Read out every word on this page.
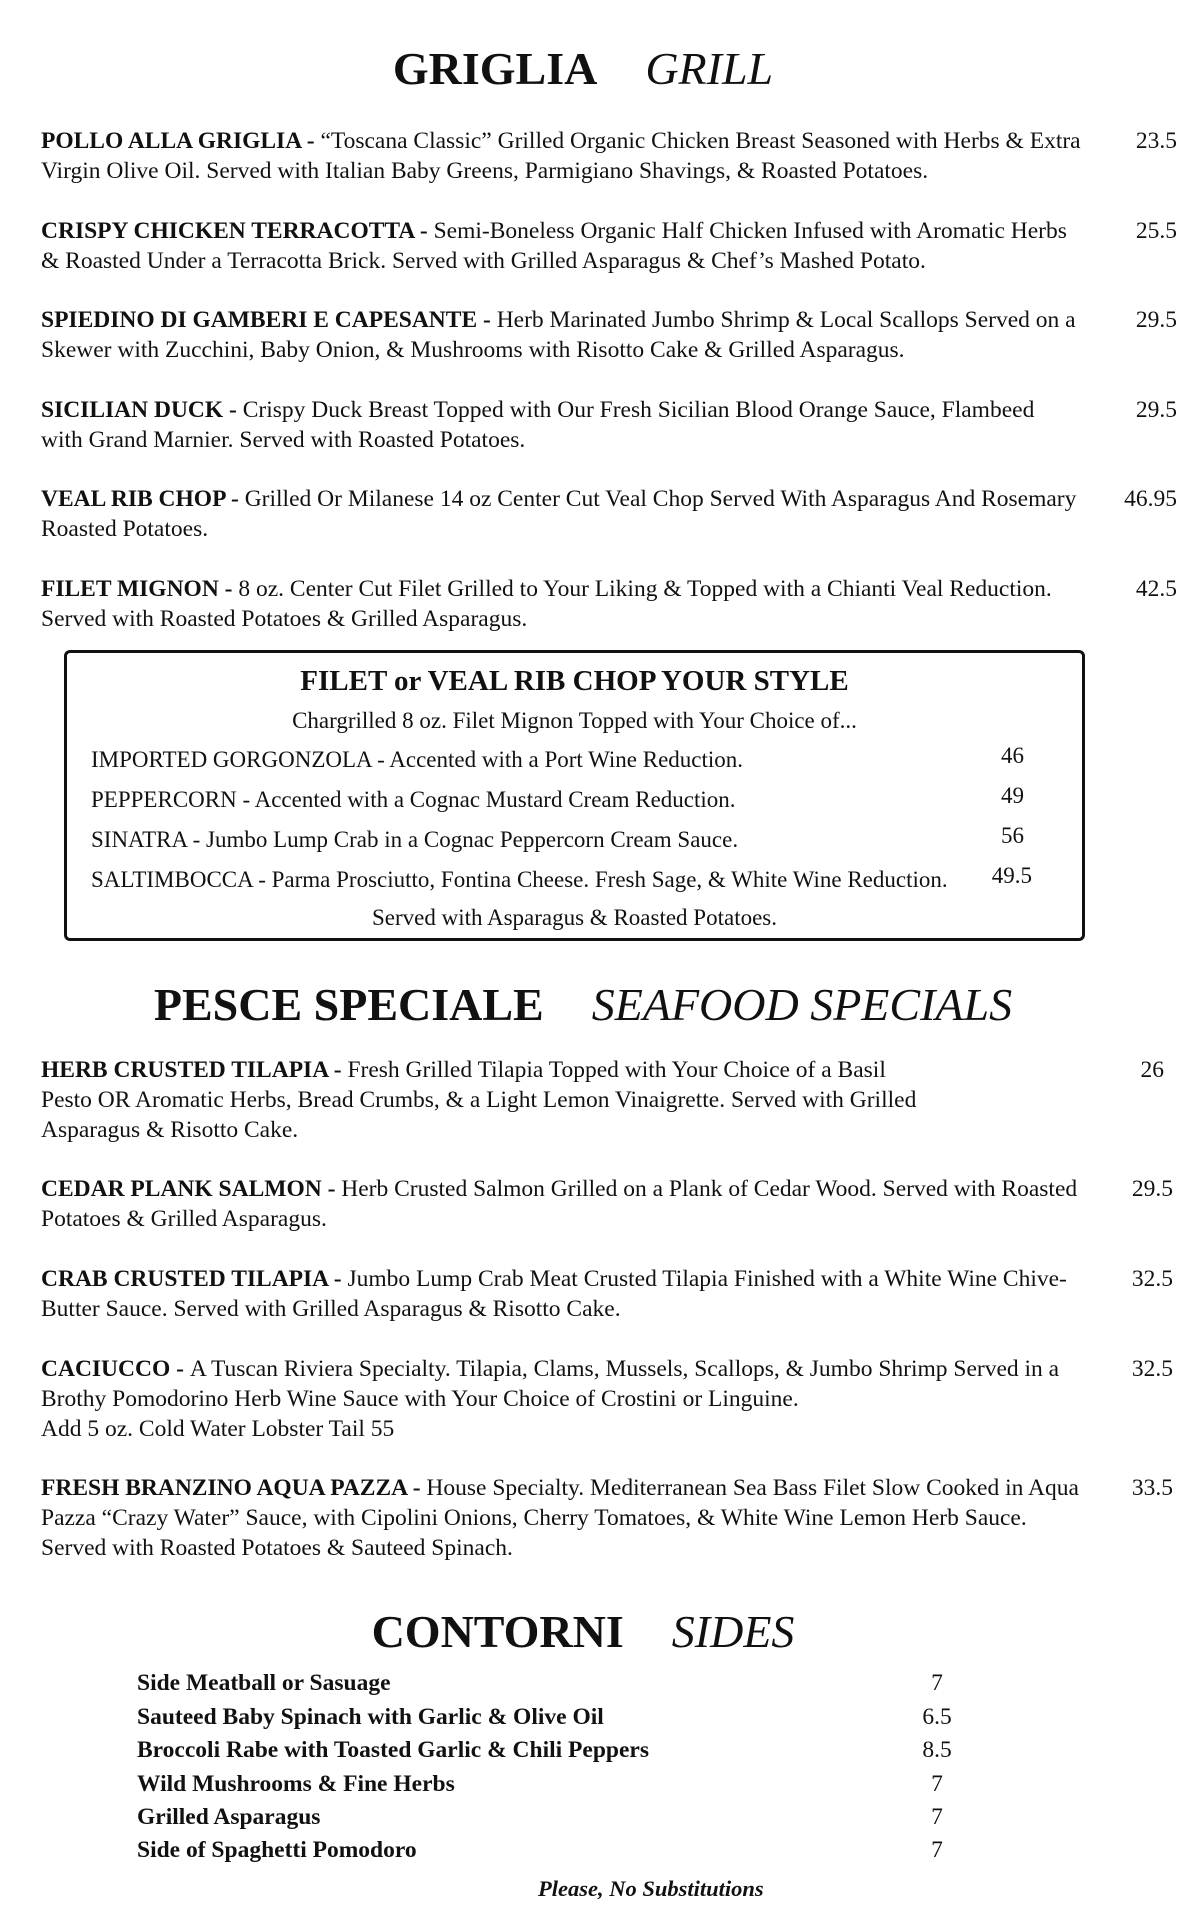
GRIGLIA GRILL
POLLO ALLA GRIGLIA - “Toscana Classic” Grilled Organic Chicken Breast Seasoned with Herbs & Extra Virgin Olive Oil. Served with Italian Baby Greens, Parmigiano Shavings, & Roasted Potatoes.
23.5
CRISPY CHICKEN TERRACOTTA - Semi-Boneless Organic Half Chicken Infused with Aromatic Herbs & Roasted Under a Terracotta Brick. Served with Grilled Asparagus & Chef’s Mashed Potato.
25.5
SPIEDINO DI GAMBERI E CAPESANTE - Herb Marinated Jumbo Shrimp & Local Scallops Served on a Skewer with Zucchini, Baby Onion, & Mushrooms with Risotto Cake & Grilled Asparagus.
29.5
SICILIAN DUCK - Crispy Duck Breast Topped with Our Fresh Sicilian Blood Orange Sauce, Flambeed with Grand Marnier. Served with Roasted Potatoes.
29.5
VEAL RIB CHOP - Grilled Or Milanese 14 oz Center Cut Veal Chop Served With Asparagus And Rosemary Roasted Potatoes.
46.95
FILET MIGNON - 8 oz. Center Cut Filet Grilled to Your Liking & Topped with a Chianti Veal Reduction. Served with Roasted Potatoes & Grilled Asparagus.
42.5
FILET or VEAL RIB CHOP YOUR STYLE
Chargrilled 8 oz. Filet Mignon Topped with Your Choice of...
IMPORTED GORGONZOLA - Accented with a Port Wine Reduction.	46
PEPPERCORN - Accented with a Cognac Mustard Cream Reduction.	49
SINATRA - Jumbo Lump Crab in a Cognac Peppercorn Cream Sauce.	56
SALTIMBOCCA - Parma Prosciutto, Fontina Cheese. Fresh Sage, & White Wine Reduction. 49.5
Served with Asparagus & Roasted Potatoes.
PESCE SPECIALE SEAFOOD SPECIALS
HERB CRUSTED TILAPIA - Fresh Grilled Tilapia Topped with Your Choice of a Basil Pesto OR Aromatic Herbs, Bread Crumbs, & a Light Lemon Vinaigrette. Served with Grilled Asparagus & Risotto Cake.
26
CEDAR PLANK SALMON - Herb Crusted Salmon Grilled on a Plank of Cedar Wood. Served with Roasted Potatoes & Grilled Asparagus.
29.5
CRAB CRUSTED TILAPIA - Jumbo Lump Crab Meat Crusted Tilapia Finished with a White Wine Chive-Butter Sauce. Served with Grilled Asparagus & Risotto Cake.
32.5
CACIUCCO - A Tuscan Riviera Specialty. Tilapia, Clams, Mussels, Scallops, & Jumbo Shrimp Served in a Brothy Pomodorino Herb Wine Sauce with Your Choice of Crostini or Linguine.
Add 5 oz. Cold Water Lobster Tail 55
32.5
FRESH BRANZINO AQUA PAZZA - House Specialty. Mediterranean Sea Bass Filet Slow Cooked in Aqua Pazza “Crazy Water” Sauce, with Cipolini Onions, Cherry Tomatoes, & White Wine Lemon Herb Sauce. Served with Roasted Potatoes & Sauteed Spinach.
33.5
CONTORNI SIDES
Side Meatball or Sasuage	7
Sauteed Baby Spinach with Garlic & Olive Oil	6.5
Broccoli Rabe with Toasted Garlic & Chili Peppers	8.5
Wild Mushrooms & Fine Herbs	7
Grilled Asparagus	7
Side of Spaghetti Pomodoro	7
Please, No Substitutions
